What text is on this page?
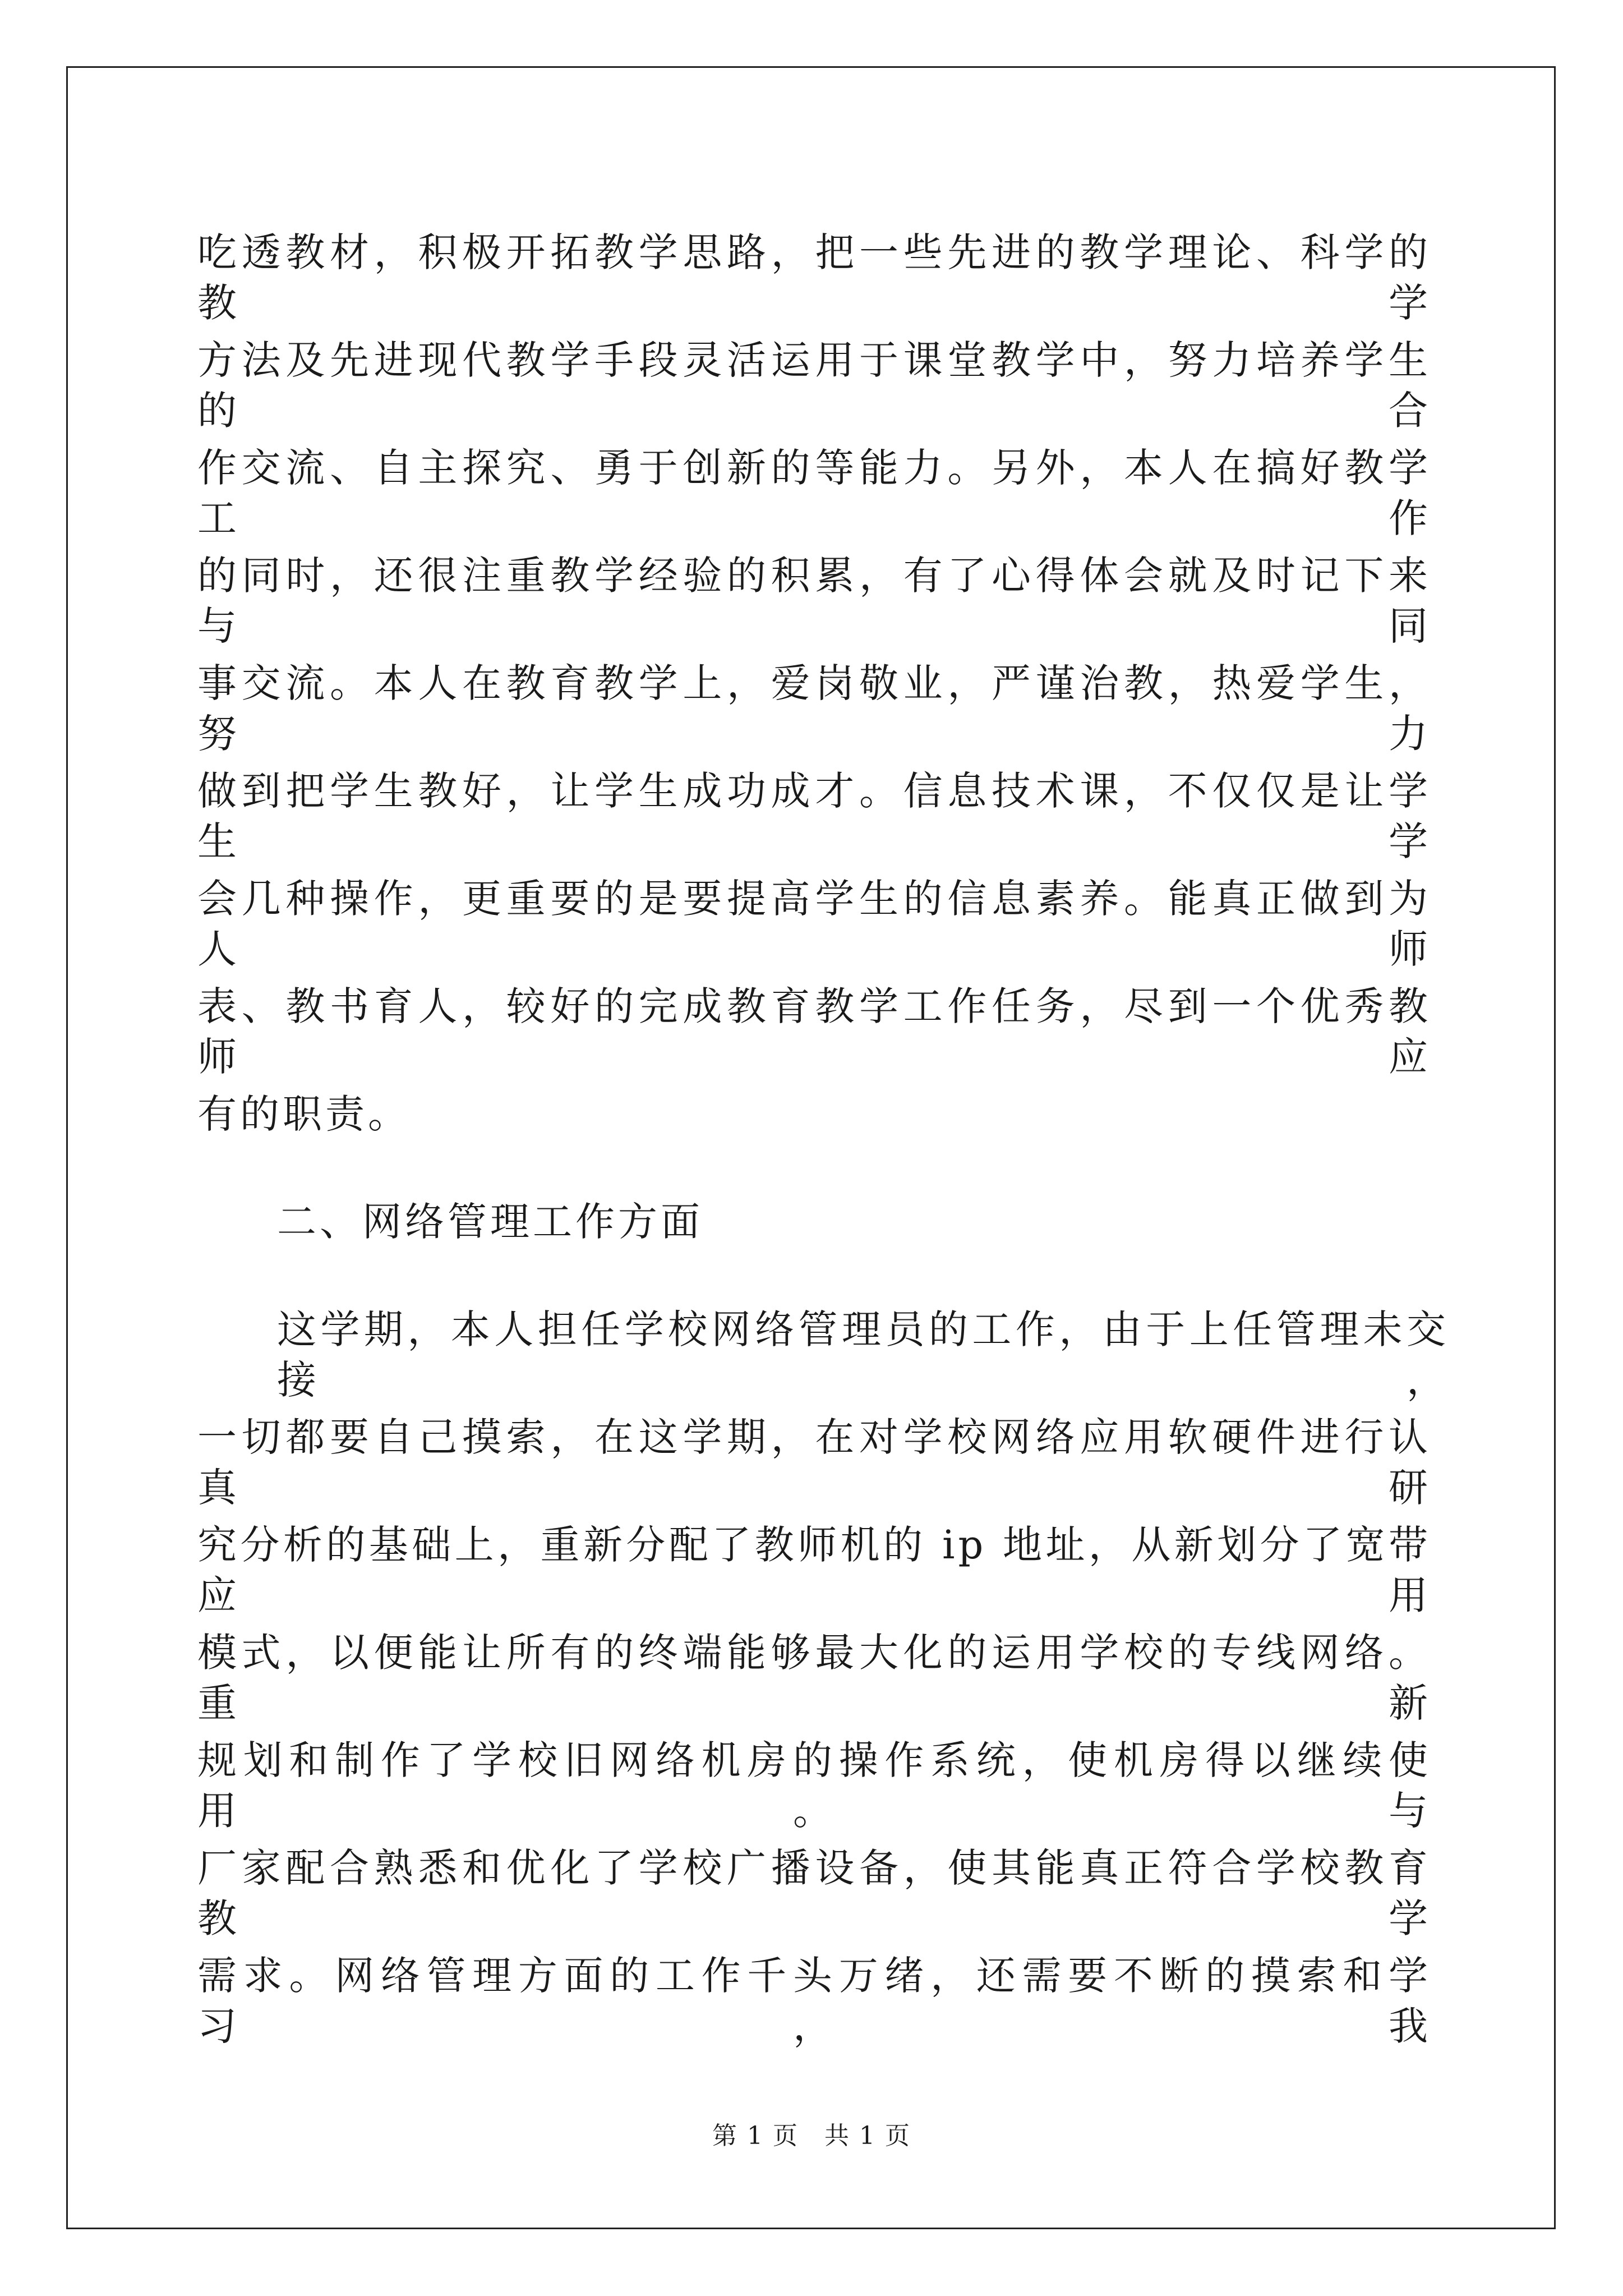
吃透教材，积极开拓教学思路，把一些先进的教学理论、科学的教学
方法及先进现代教学手段灵活运用于课堂教学中，努力培养学生的合
作交流、自主探究、勇于创新的等能力。另外，本人在搞好教学工作
的同时，还很注重教学经验的积累，有了心得体会就及时记下来与同
事交流。本人在教育教学上，爱岗敬业，严谨治教，热爱学生，努力
做到把学生教好，让学生成功成才。信息技术课，不仅仅是让学生学
会几种操作，更重要的是要提高学生的信息素养。能真正做到为人师
表、教书育人，较好的完成教育教学工作任务，尽到一个优秀教师应
有的职责。
二、网络管理工作方面
这学期，本人担任学校网络管理员的工作，由于上任管理未交接，
一切都要自己摸索，在这学期，在对学校网络应用软硬件进行认真研
究分析的基础上，重新分配了教师机的 ip 地址，从新划分了宽带应用
模式，以便能让所有的终端能够最大化的运用学校的专线网络。重新
规划和制作了学校旧网络机房的操作系统，使机房得以继续使用。与
厂家配合熟悉和优化了学校广播设备，使其能真正符合学校教育教学
需求。网络管理方面的工作千头万绪，还需要不断的摸索和学习，我
第 1 页　共 1 页
